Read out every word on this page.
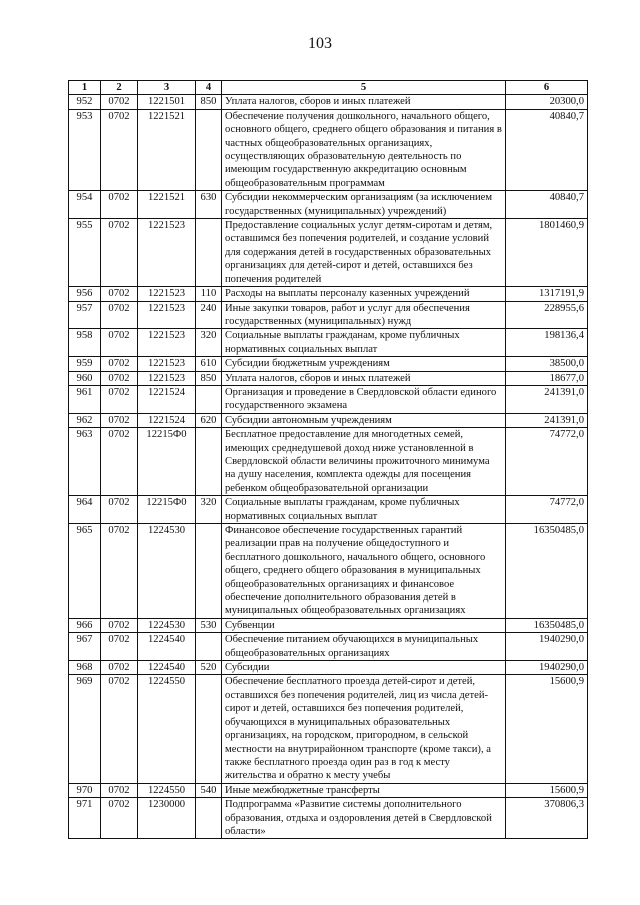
103
1	2	3	4	5	6
952	0702	1221501	850	Уплата налогов, сборов и иных платежей	20300,0
953	0702	1221521		Обеспечение получения дошкольного, начального общего, основного общего, среднего общего образования и питания в частных общеобразовательных организациях, осуществляющих образовательную деятельность по имеющим государственную аккредитацию основным общеобразовательным программам	40840,7
954	0702	1221521	630	Субсидии некоммерческим организациям (за исключением государственных (муниципальных) учреждений)	40840,7
955	0702	1221523		Предоставление социальных услуг детям-сиротам и детям, оставшимся без попечения родителей, и создание условий для содержания детей в государственных образовательных организациях для детей-сирот и детей, оставшихся без попечения родителей	1801460,9
956	0702	1221523	110	Расходы на выплаты персоналу казенных учреждений	1317191,9
957	0702	1221523	240	Иные закупки товаров, работ и услуг для обеспечения государственных (муниципальных) нужд	228955,6
958	0702	1221523	320	Социальные выплаты гражданам, кроме публичных нормативных социальных выплат	198136,4
959	0702	1221523	610	Субсидии бюджетным учреждениям	38500,0
960	0702	1221523	850	Уплата налогов, сборов и иных платежей	18677,0
961	0702	1221524		Организация и проведение в Свердловской области единого государственного экзамена	241391,0
962	0702	1221524	620	Субсидии автономным учреждениям	241391,0
963	0702	12215Ф0		Бесплатное предоставление для многодетных семей, имеющих среднедушевой доход ниже установленной в Свердловской области величины прожиточного минимума на душу населения, комплекта одежды для посещения ребенком общеобразовательной организации	74772,0
964	0702	12215Ф0	320	Социальные выплаты гражданам, кроме публичных нормативных социальных выплат	74772,0
965	0702	1224530		Финансовое обеспечение государственных гарантий реализации прав на получение общедоступного и бесплатного дошкольного, начального общего, основного общего, среднего общего образования в муниципальных общеобразовательных организациях и финансовое обеспечение дополнительного образования детей в муниципальных общеобразовательных организациях	16350485,0
966	0702	1224530	530	Субвенции	16350485,0
967	0702	1224540		Обеспечение питанием обучающихся в муниципальных общеобразовательных организациях	1940290,0
968	0702	1224540	520	Субсидии	1940290,0
969	0702	1224550		Обеспечение бесплатного проезда детей-сирот и детей, оставшихся без попечения родителей, лиц из числа детей-сирот и детей, оставшихся без попечения родителей, обучающихся в муниципальных образовательных организациях, на городском, пригородном, в сельской местности на внутрирайонном транспорте (кроме такси), а также бесплатного проезда один раз в год к месту жительства и обратно к месту учебы	15600,9
970	0702	1224550	540	Иные межбюджетные трансферты	15600,9
971	0702	1230000		Подпрограмма «Развитие системы дополнительного образования, отдыха и оздоровления детей в Свердловской области»	370806,3
